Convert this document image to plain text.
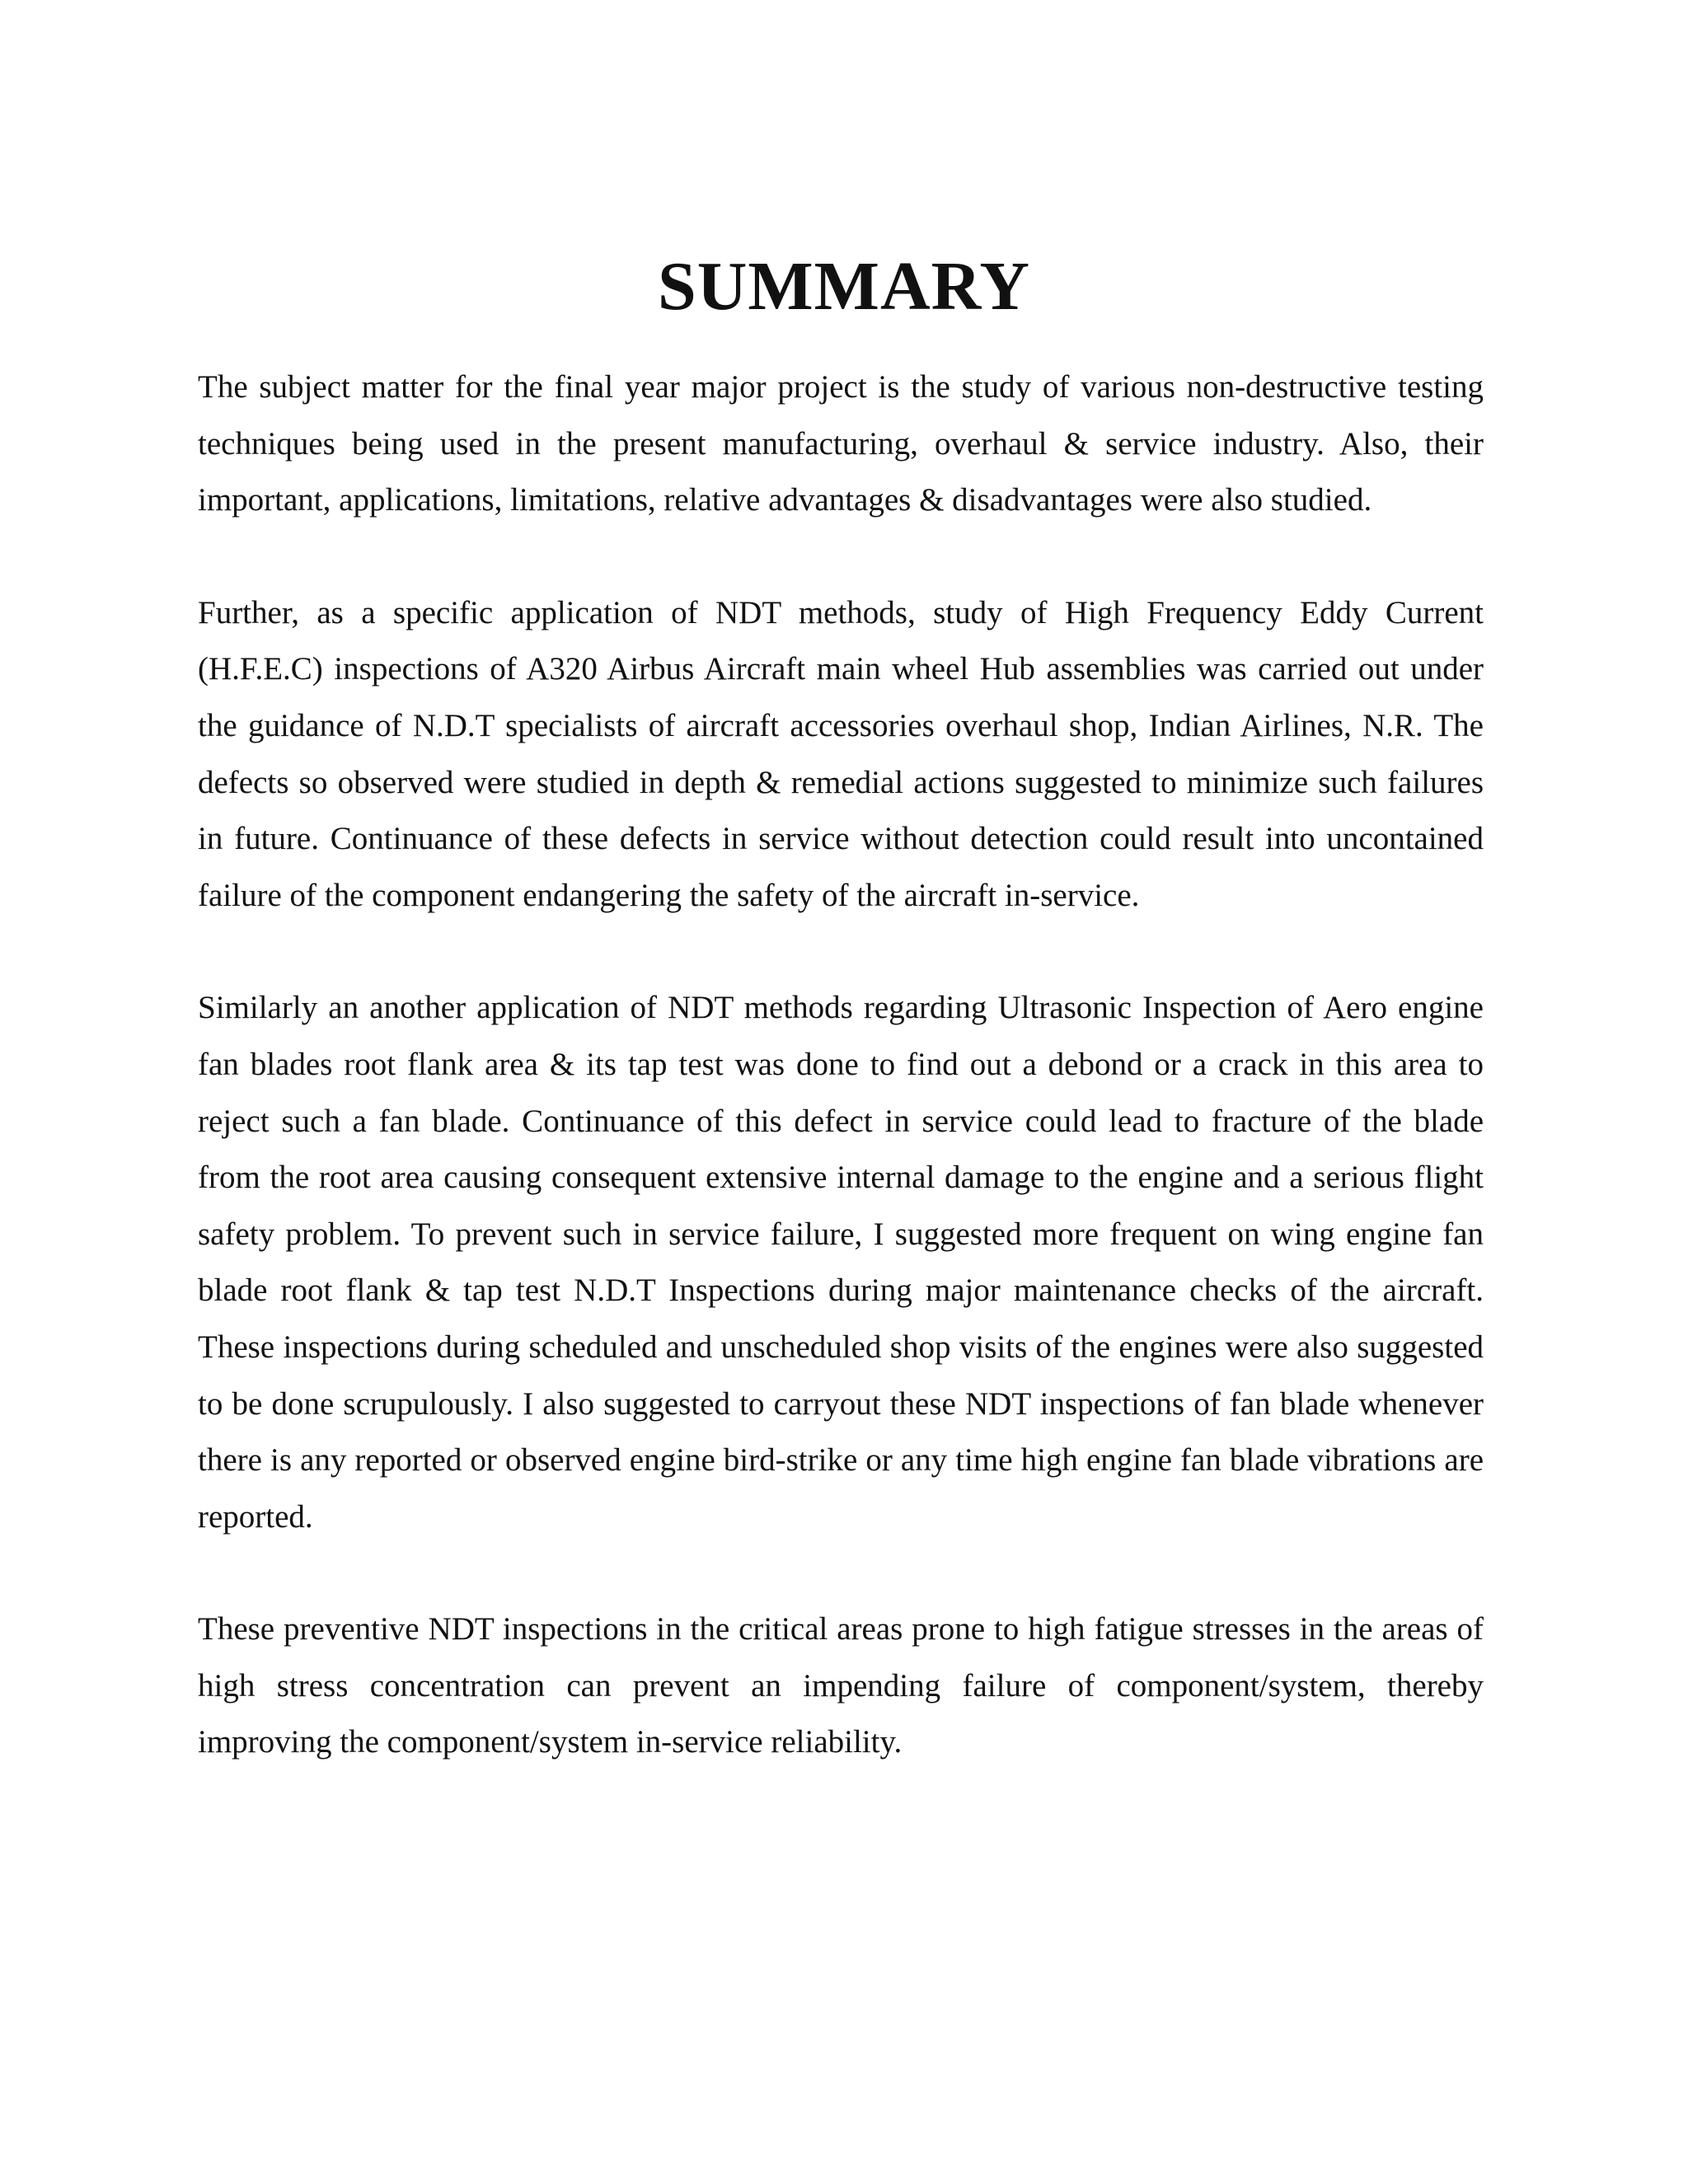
SUMMARY

The subject matter for the final year major project is the study of various non-destructive testing techniques being used in the present manufacturing, overhaul & service industry. Also, their important, applications, limitations, relative advantages & disadvantages were also studied.

Further, as a specific application of NDT methods, study of High Frequency Eddy Current (H.F.E.C) inspections of A320 Airbus Aircraft main wheel Hub assemblies was carried out under the guidance of N.D.T specialists of aircraft accessories overhaul shop, Indian Airlines, N.R. The defects so observed were studied in depth & remedial actions suggested to minimize such failures in future. Continuance of these defects in service without detection could result into uncontained failure of the component endangering the safety of the aircraft in-service.

Similarly an another application of NDT methods regarding Ultrasonic Inspection of Aero engine fan blades root flank area & its tap test was done to find out a debond or a crack in this area to reject such a fan blade. Continuance of this defect in service could lead to fracture of the blade from the root area causing consequent extensive internal damage to the engine and a serious flight safety problem. To prevent such in service failure, I suggested more frequent on wing engine fan blade root flank & tap test N.D.T Inspections during major maintenance checks of the aircraft. These inspections during scheduled and unscheduled shop visits of the engines were also suggested to be done scrupulously. I also suggested to carryout these NDT inspections of fan blade whenever there is any reported or observed engine bird-strike or any time high engine fan blade vibrations are reported.

These preventive NDT inspections in the critical areas prone to high fatigue stresses in the areas of high stress concentration can prevent an impending failure of component/system, thereby improving the component/system in-service reliability.
